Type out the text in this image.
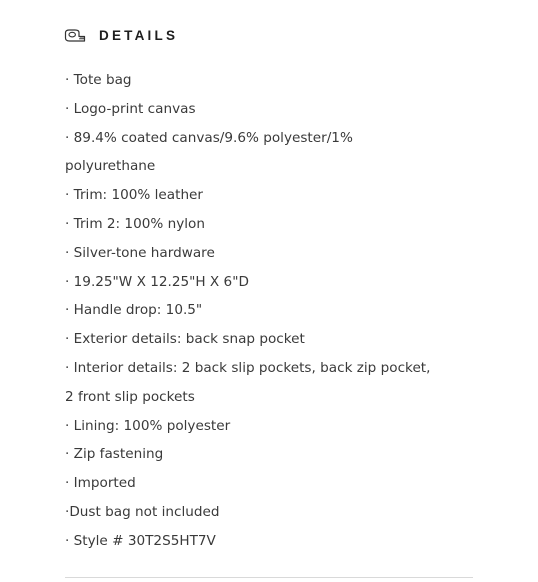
DETAILS
· Tote bag
· Logo-print canvas
· 89.4% coated canvas/9.6% polyester/1%
polyurethane
· Trim: 100% leather
· Trim 2: 100% nylon
· Silver-tone hardware
· 19.25"W X 12.25"H X 6"D
· Handle drop: 10.5"
· Exterior details: back snap pocket
· Interior details: 2 back slip pockets, back zip pocket,
2 front slip pockets
· Lining: 100% polyester
· Zip fastening
· Imported
·Dust bag not included
· Style # 30T2S5HT7V
